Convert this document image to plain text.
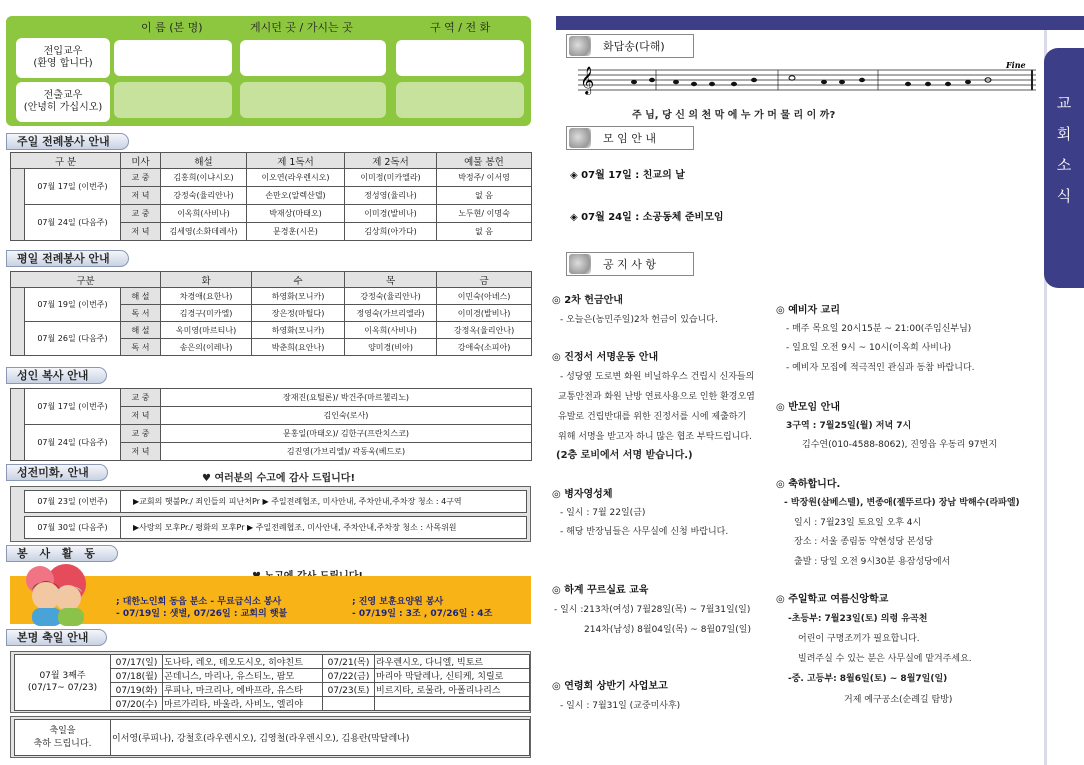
이 름 (본 명)	게시던 곳 / 가시는 곳	구 역 / 전 화
전입교우
(환영 합니다)
전출교우
(안녕히 가십시오)
주일 전례봉사 안내
구 분		미사	해설	제 1독서	제 2독서	예물 봉헌
	07월 17일 (이번주)	교 중	김홍희(이냐시오)	이오연(라우렌시오)	이미정(미카엘라)	박정주/ 이서영
		저 녁	강정숙(율리안나)	손만오(알렉산델)	정성영(율리나)	없 음
	07월 24일 (다음주)	교 중	이옥희(사비나)	박재상(마태오)	이미경(발비나)	노두현/ 이명숙
		저 녁	김세영(소화데레사)	문경훈(시몬)	김상희(아가다)	없 음
평일 전례봉사 안내
구분			화	수	목	금
	07월 19일 (이번주)	해 설	차경애(요한나)	하영화(모니카)	강정숙(율리안나)	이민숙(아녜스)
		독 서	김경구(미카엘)	장은정(마틸다)	정영숙(가브리엘라)	이미경(발비나)
	07월 26일 (다음주)	해 설	옥미영(마르티나)	하영화(모니카)	이옥희(사비나)	강정옥(율리안나)
		독 서	송은의(이레나)	박춘희(요안나)	양미경(비아)	강애숙(소피아)
성인 복사 안내
	07월 17일 (이번주)	교 중	장재진(요틸론)/ 박건주(마르첼리노)
		저 녁	김인숙(로사)
	07월 24일 (다음주)	교 중	문홍일(마태오)/ 김한구(프란치스코)
		저 녁	김진영(가브리엘)/ 곽동욱(베드로)
성전미화, 안내	♥ 여러분의 수고에 감사 드립니다!
07월 23일 (이번주)	▶교회의 햇불Pr./ 죄인들의 피난처Pr ▶ 주일전례협조, 미사안내, 주차안내,주차장 청소 : 4구역

07월 30일 (다음주)	▶사랑의 모후Pr./ 평화의 모후Pr ▶ 주일전례협조, 미사안내, 주차안내,주차장 청소 : 사목위원
봉 사 활 동
; 대한노인회 동읍 분소 - 무료급식소 봉사
- 07/19일 : 샛별, 07/26일 : 교회의 햇불
; 진영 보훈요양원 봉사
- 07/19일 : 3조 , 07/26일 : 4조
본명 축일 안내
07월 3째주
(07/17~ 07/23)	07/17(일)	도나타, 레오, 테오도시오, 히야친트	07/21(목)	라우렌시오, 다니엘, 빅토르
	07/18(월)	곤데니스, 마리나, 유스티노, 팜모	07/22(금)	마리아 막달레나, 신티케, 치릴로
	07/19(화)	루피나, 마크리나, 에바프라, 유스타	07/23(토)	비르지타, 로물라, 아폴리나리스
	07/20(수)	마르가리타, 바울라, 사비노, 엘리야		
축일을
축하 드립니다.	이서영(루피나), 강철호(라우렌시오), 김영철(라우렌시오), 김용란(막달레나)
교
회
소
식
화답송(다해)
𝄞
Fine
주 님, 당 신 의 천 막 에 누 가 머 물 리 이 까?
모 임 안 내
◈ 07월 17일 : 친교의 날
◈ 07월 24일 : 소공동체 준비모임
공 지 사 항
◎ 2차 헌금안내
- 오늘은(농민주일)2차 헌금이 있습니다.
◎ 진정서 서명운동 안내
- 성당옆 도로변 화원 비닐하우스 건립시 신자들의
교통안전과 화원 난방 연료사용으로 인한 환경오염
유발로 건립반대를 위한 진정서를 시에 제출하기
위해 서명을 받고자 하니 많은 협조 부탁드립니다.
(2층 로비에서 서명 받습니다.)
◎ 병자영성체
- 일시 : 7월 22일(금)
- 해당 반장님들은 사무실에 신청 바랍니다.
◎ 하계 꾸르실료 교육
- 일시 :213차(여성) 7월28일(목) ~ 7월31일(일)
214차(남성) 8월04일(목) ~ 8월07일(일)
◎ 연령회 상반기 사업보고
- 일시 : 7월31일 (교중미사후)
◎ 예비자 교리
- 매주 목요일 20시15분 ~ 21:00(주임신부님)
- 일요일 오전 9시 ~ 10시(이옥희 사비나)
- 예비자 모집에 적극적인 관심과 동참 바랍니다.
◎ 반모임 안내
3구역 : 7월25일(월) 저녁 7시
김수연(010-4588-8062), 진영읍 우동리 97번지
◎ 축하합니다.
- 박장원(살베스텔), 변종애(젤뚜르다) 장남 박해수(라파엘)
일시 : 7월23일 토요일 오후 4시
장소 : 서울 종림동 약현성당 본성당
출발 : 당일 오전 9시30분 용잠성당에서
◎ 주일학교 여름신앙학교
-초등부: 7월23일(토) 의령 유곡천
어린이 구명조끼가 필요합니다.
빌려주실 수 있는 분은 사무실에 맡겨주세요.
-중. 고등부: 8월6일(토) ~ 8월7일(일)
거제 예구공소(순례길 탐방)
